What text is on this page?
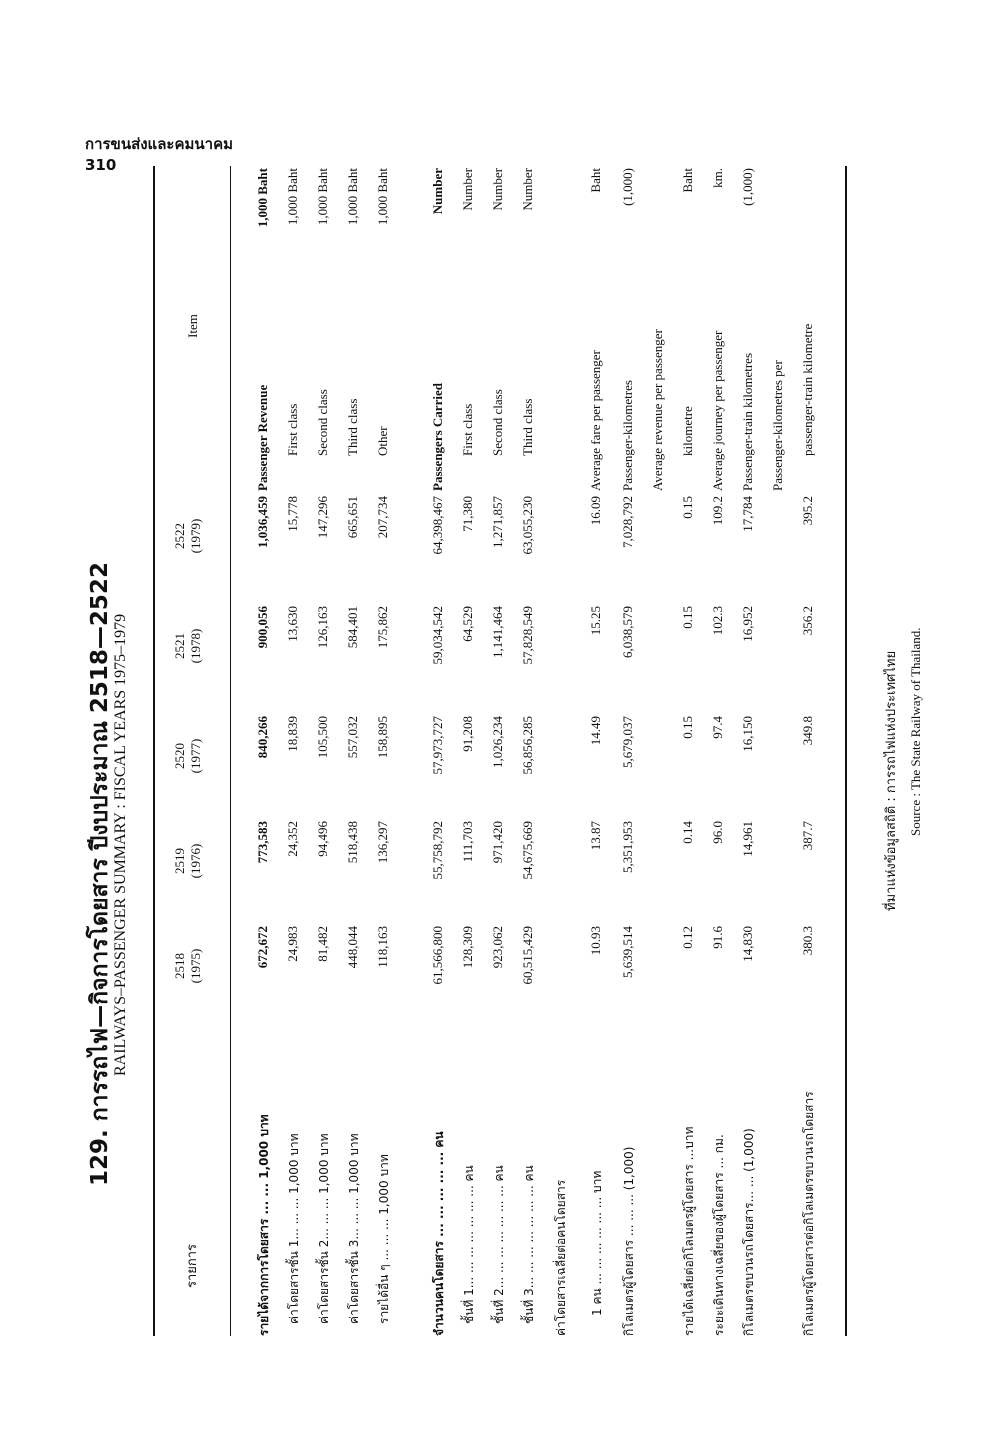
การขนส่งและคมนาคม
310
129. การรถไฟ—กิจการโดยสาร ปีงบประมาณ 2518—2522 RAILWAYS–PASSENGER SUMMARY : FISCAL YEARS 1975–1979
รายการ
Item
2518 (1975)
2519 (1976)
2520 (1977)
2521 (1978)
2522 (1979)
รายได้จากการโดยสาร ... ... 1,000 บาท
672,672
773,583
840,266
900,056
1,036,459
Passenger Revenue
1,000 Baht
ค่าโดยสารชั้น 1... ... ... 1,000 บาท
24,983
24,352
18,839
13,630
15,778
First class
1,000 Baht
ค่าโดยสารชั้น 2... ... ... 1,000 บาท
81,482
94,496
105,500
126,163
147,296
Second class
1,000 Baht
ค่าโดยสารชั้น 3... ... ... 1,000 บาท
448,044
518,438
557,032
584,401
665,651
Third class
1,000 Baht
รายได้อื่น ๆ ... ... ... 1,000 บาท
118,163
136,297
158,895
175,862
207,734
Other
1,000 Baht
จำนวนคนโดยสาร ... ... ... ... ... คน
61,566,800
55,758,792
57,973,727
59,034,542
64,398,467
Passengers Carried
Number
ชั้นที่ 1... ... ... ... ... ... ... คน
128,309
111,703
91,208
64,529
71,380
First class
Number
ชั้นที่ 2... ... ... ... ... ... ... คน
923,062
971,420
1,026,234
1,141,464
1,271,857
Second class
Number
ชั้นที่ 3... ... ... ... ... ... ... คน
60,515,429
54,675,669
56,856,285
57,828,549
63,055,230
Third class
Number
ค่าโดยสารเฉลี่ยต่อคนโดยสาร 1 คน ... ... ... ... ... ... บาท
10.93
13.87
14.49
15.25
16.09
Average fare per passenger
Baht
กิโลเมตรผู้โดยสาร ... ... ... (1,000)
5,639,514
5,351,953
5,679,037
6,038,579
7,028,792
Passenger-kilometres
(1,000)
Average revenue per passenger
รายได้เฉลี่ยต่อกิโลเมตรผู้โดยสาร ...บาท
0.12
0.14
0.15
0.15
0.15
kilometre
Baht
ระยะเดินทางเฉลี่ยของผู้โดยสาร ... กม.
91.6
96.0
97.4
102.3
109.2
Average journey per passenger
km.
กิโลเมตรขบวนรถโดยสาร... ... (1,000)
14,830
14,961
16,150
16,952
17,784
Passenger-train kilometres
(1,000)
Passenger-kilometres per
กิโลเมตรผู้โดยสารต่อกิโลเมตรขบวนรถโดยสาร
380.3
387.7
349.8
356.2
395.2
passenger-train kilometre
ที่มาแห่งข้อมูลสถิติ : การรถไฟแห่งประเทศไทย Source : The State Railway of Thailand.
